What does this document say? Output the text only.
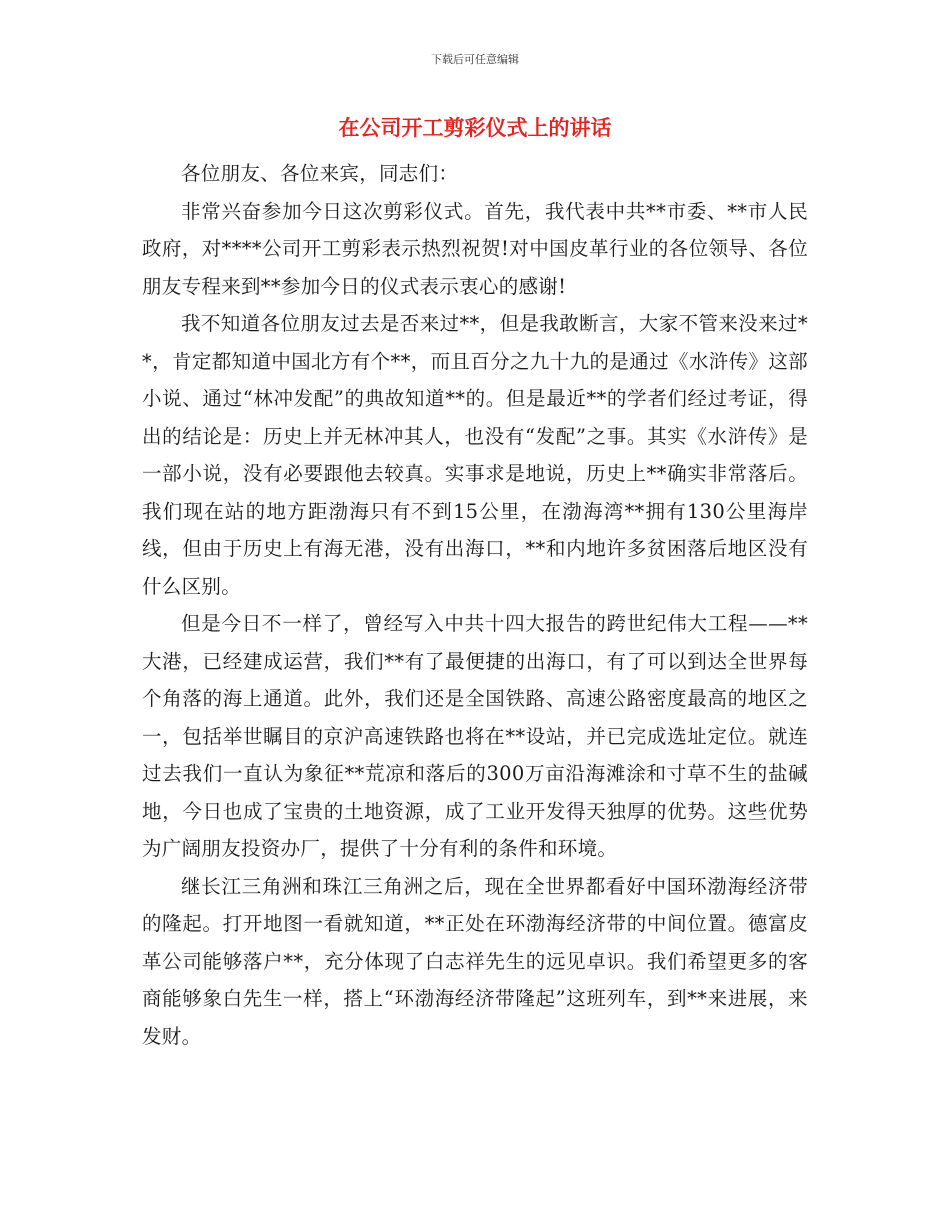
下载后可任意编辑
在公司开工剪彩仪式上的讲话

各位朋友、各位来宾，同志们：

非常兴奋参加今日这次剪彩仪式。首先，我代表中共**市委、**市人民政府，对****公司开工剪彩表示热烈祝贺!对中国皮革行业的各位领导、各位朋友专程来到**参加今日的仪式表示衷心的感谢!

我不知道各位朋友过去是否来过**，但是我敢断言，大家不管来没来过**，肯定都知道中国北方有个**，而且百分之九十九的是通过《水浒传》这部小说、通过“林冲发配”的典故知道**的。但是最近**的学者们经过考证，得出的结论是：历史上并无林冲其人，也没有“发配”之事。其实《水浒传》是一部小说，没有必要跟他去较真。实事求是地说，历史上**确实非常落后。我们现在站的地方距渤海只有不到15公里，在渤海湾**拥有130公里海岸线，但由于历史上有海无港，没有出海口，**和内地许多贫困落后地区没有什么区别。

但是今日不一样了，曾经写入中共十四大报告的跨世纪伟大工程——**大港，已经建成运营，我们**有了最便捷的出海口，有了可以到达全世界每个角落的海上通道。此外，我们还是全国铁路、高速公路密度最高的地区之一，包括举世瞩目的京沪高速铁路也将在**设站，并已完成选址定位。就连过去我们一直认为象征**荒凉和落后的300万亩沿海滩涂和寸草不生的盐碱地，今日也成了宝贵的土地资源，成了工业开发得天独厚的优势。这些优势为广阔朋友投资办厂，提供了十分有利的条件和环境。

继长江三角洲和珠江三角洲之后，现在全世界都看好中国环渤海经济带的隆起。打开地图一看就知道，**正处在环渤海经济带的中间位置。德富皮革公司能够落户**，充分体现了白志祥先生的远见卓识。我们希望更多的客商能够象白先生一样，搭上“环渤海经济带隆起”这班列车，到**来进展，来发财。
